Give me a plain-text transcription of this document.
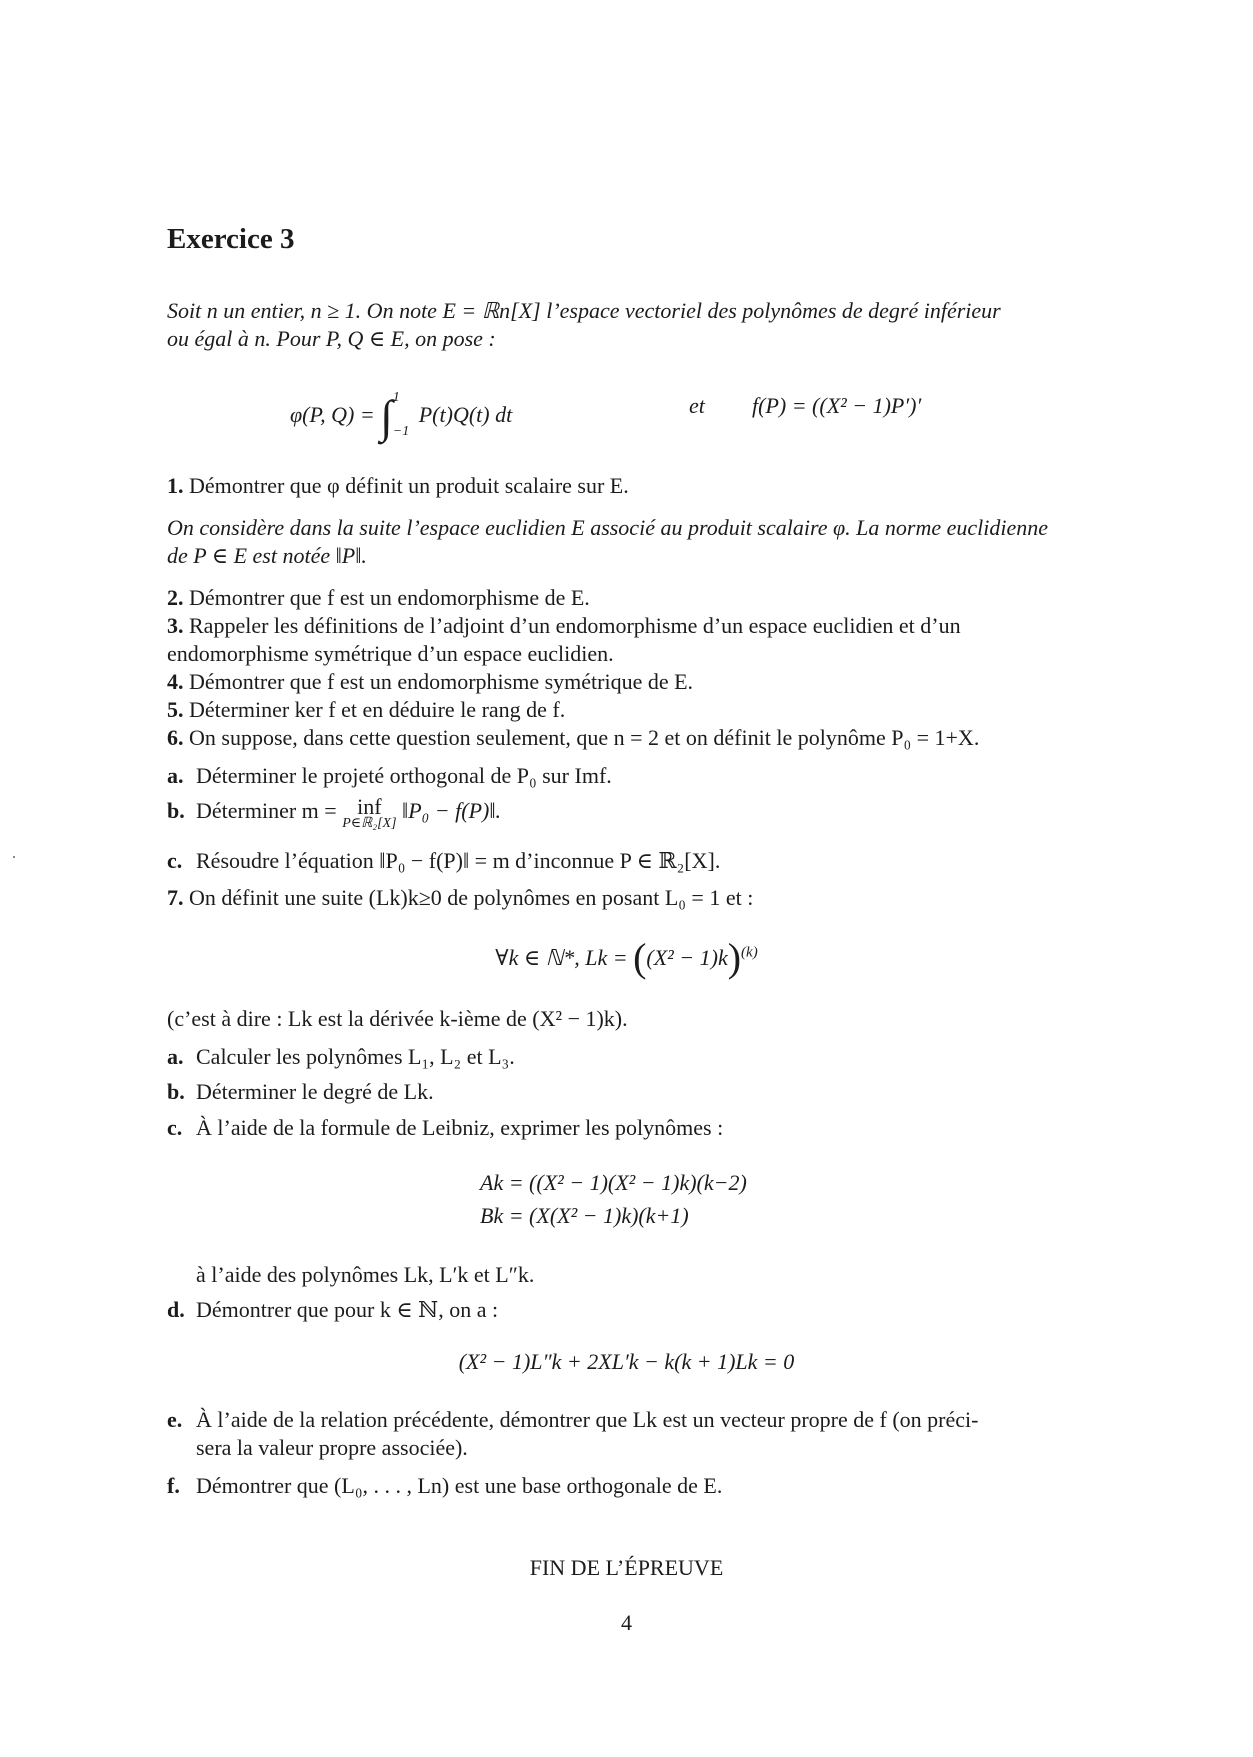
Exercice 3
Soit n un entier, n ≥ 1. On note E = ℝn[X] l’espace vectoriel des polynômes de degré inférieur
ou égal à n. Pour P, Q ∈ E, on pose :
φ(P, Q) = ∫ 1
−1
P(t)Q(t) dt	et f(P) = ((X² − 1)P′)′
1. Démontrer que φ définit un produit scalaire sur E.
On considère dans la suite l’espace euclidien E associé au produit scalaire φ. La norme euclidienne
de P ∈ E est notée ‖P‖.
2. Démontrer que f est un endomorphisme de E.
3. Rappeler les définitions de l’adjoint d’un endomorphisme d’un espace euclidien et d’un
endomorphisme symétrique d’un espace euclidien.
4. Démontrer que f est un endomorphisme symétrique de E.
5. Déterminer ker f et en déduire le rang de f.
6. On suppose, dans cette question seulement, que n = 2 et on définit le polynôme P₀ = 1+X.
a. Déterminer le projeté orthogonal de P₀ sur Imf.
b. Déterminer m = inf
P∈ℝ₂[X]
‖P₀ − f(P)‖.
c. Résoudre l’équation ‖P₀ − f(P)‖ = m d’inconnue P ∈ ℝ₂[X].
7. On définit une suite (Lk)k≥0 de polynômes en posant L₀ = 1 et :
∀k ∈ ℕ*, $Lk = ((X^2 - 1)k)^{(k)}$
(c’est à dire : Lk est la dérivée k-ième de (X² − 1)k).
a. Calculer les polynômes L₁, L₂ et L₃.
b. Déterminer le degré de Lk.
c. À l’aide de la formule de Leibniz, exprimer les polynômes :
Ak = ((X² − 1)(X² − 1)k)(k−2)
Bk = (X(X² − 1)k)(k+1)
à l’aide des polynômes Lk, L′k et L″k.
d. Démontrer que pour k ∈ ℕ, on a :
(X² − 1)L″k + 2XL′k − k(k + 1)Lk = 0
e. À l’aide de la relation précédente, démontrer que Lk est un vecteur propre de f (on préci-
sera la valeur propre associée).
f. Démontrer que (L₀, . . . , Ln) est une base orthogonale de E.
FIN DE L’ÉPREUVE
4
